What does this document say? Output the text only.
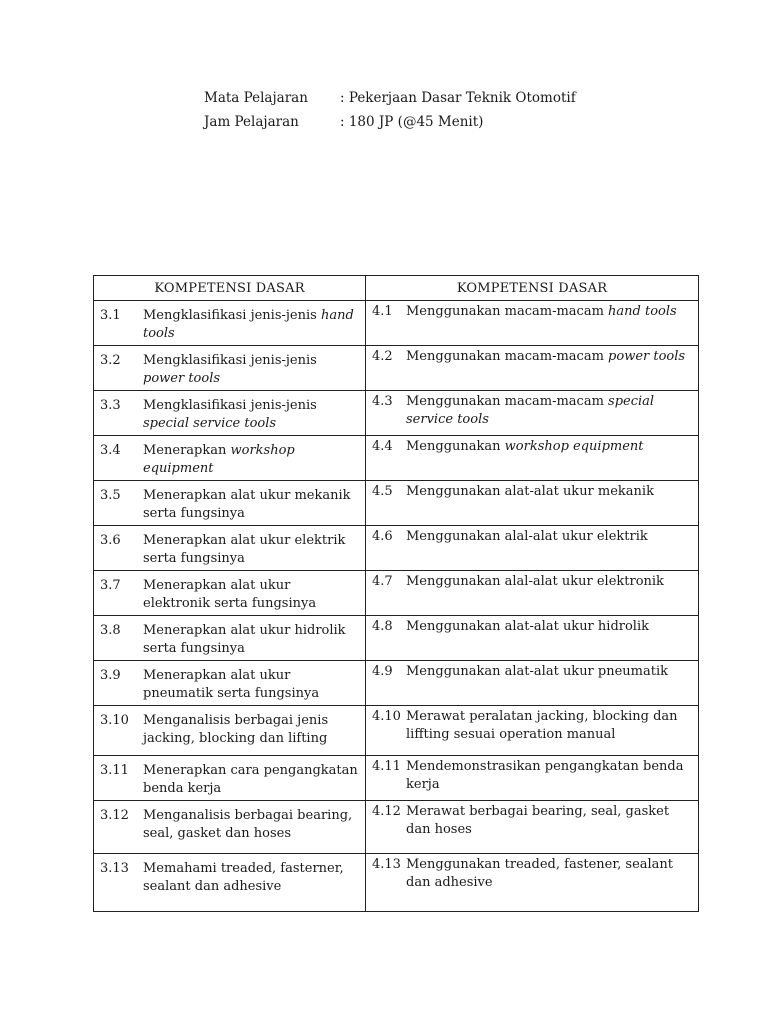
Mata Pelajaran	: Pekerjaan Dasar Teknik Otomotif
Jam Pelajaran	: 180 JP (@45 Menit)
KOMPETENSI DASAR	KOMPETENSI DASAR

3.1 Mengklasifikasi jenis-jenis hand tools	4.1 Menggunakan macam-macam hand tools

3.2 Mengklasifikasi jenis-jenis power tools	4.2 Menggunakan macam-macam power tools

3.3 Mengklasifikasi jenis-jenis special service tools	4.3 Menggunakan macam-macam special service tools

3.4 Menerapkan workshop equipment	4.4 Menggunakan workshop equipment

3.5 Menerapkan alat ukur mekanik serta fungsinya	4.5 Menggunakan alat-alat ukur mekanik

3.6 Menerapkan alat ukur elektrik serta fungsinya	4.6 Menggunakan alal-alat ukur elektrik

3.7 Menerapkan alat ukur elektronik serta fungsinya	4.7 Menggunakan alal-alat ukur elektronik

3.8 Menerapkan alat ukur hidrolik serta fungsinya	4.8 Menggunakan alat-alat ukur hidrolik

3.9 Menerapkan alat ukur pneumatik serta fungsinya	4.9 Menggunakan alat-alat ukur pneumatik

3.10 Menganalisis berbagai jenis jacking, blocking dan lifting	4.10 Merawat peralatan jacking, blocking dan liffting sesuai operation manual

3.11 Menerapkan cara pengangkatan benda kerja	4.11 Mendemonstrasikan pengangkatan benda kerja

3.12 Menganalisis berbagai bearing, seal, gasket dan hoses	4.12 Merawat berbagai bearing, seal, gasket dan hoses

3.13 Memahami treaded, fasterner, sealant dan adhesive	4.13 Menggunakan treaded, fastener, sealant dan adhesive
